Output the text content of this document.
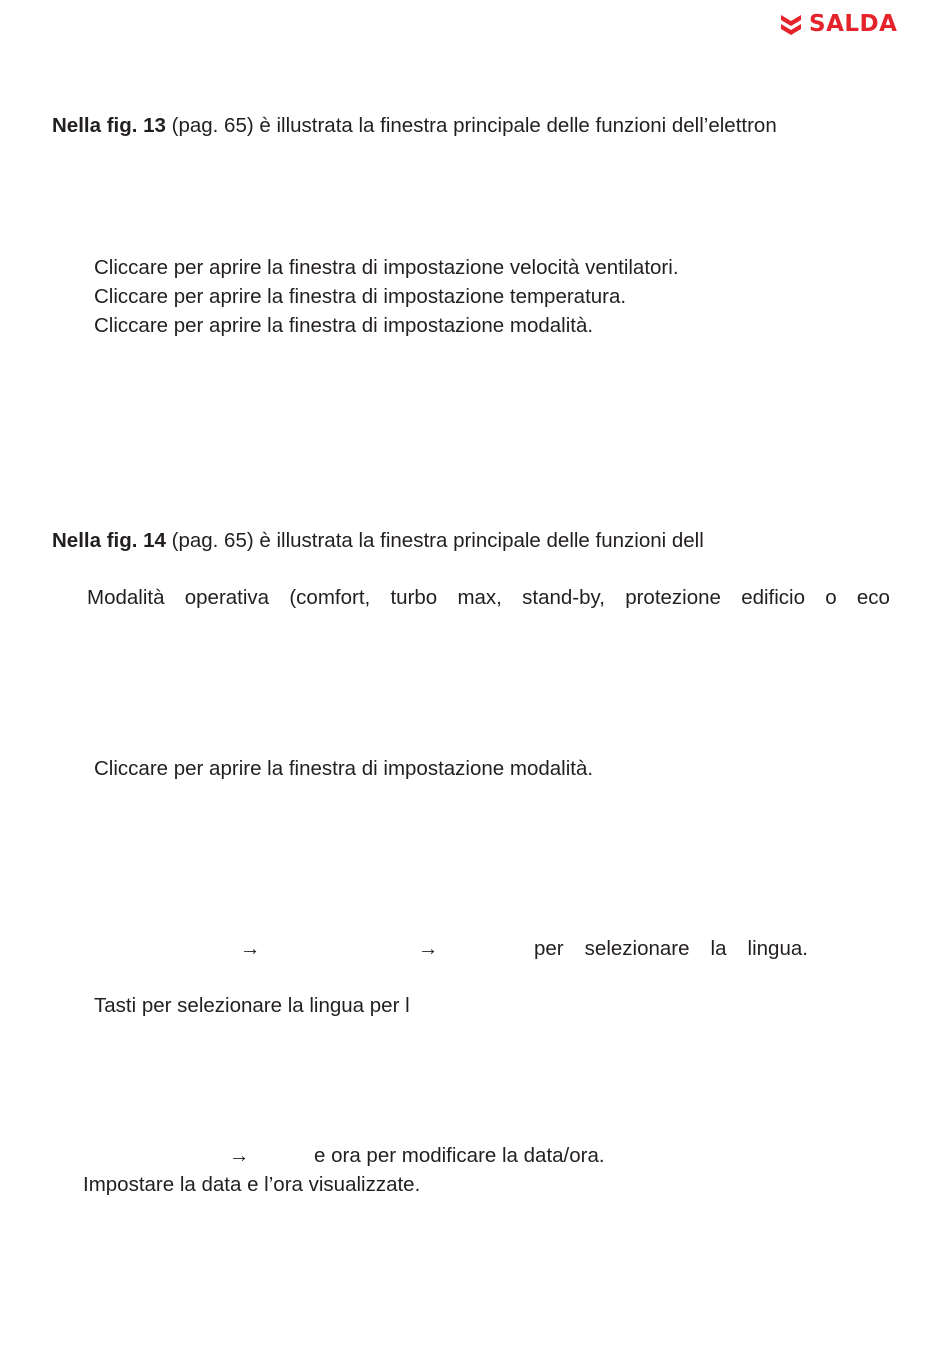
SALDA
Nella fig. 13 (pag. 65) è illustrata la finestra principale delle funzioni dell’elettron
Cliccare per aprire la finestra di impostazione velocità ventilatori.
Cliccare per aprire la finestra di impostazione temperatura.
Cliccare per aprire la finestra di impostazione modalità.
Nella fig. 14 (pag. 65) è illustrata la finestra principale delle funzioni dell
Modalità operativa (comfort, turbo max, stand-by, protezione edificio o eco
Cliccare per aprire la finestra di impostazione modalità.
→	→	per selezionare la lingua.
Tasti per selezionare la lingua per l
→	e ora per modificare la data/ora.
Impostare la data e l’ora visualizzate.
